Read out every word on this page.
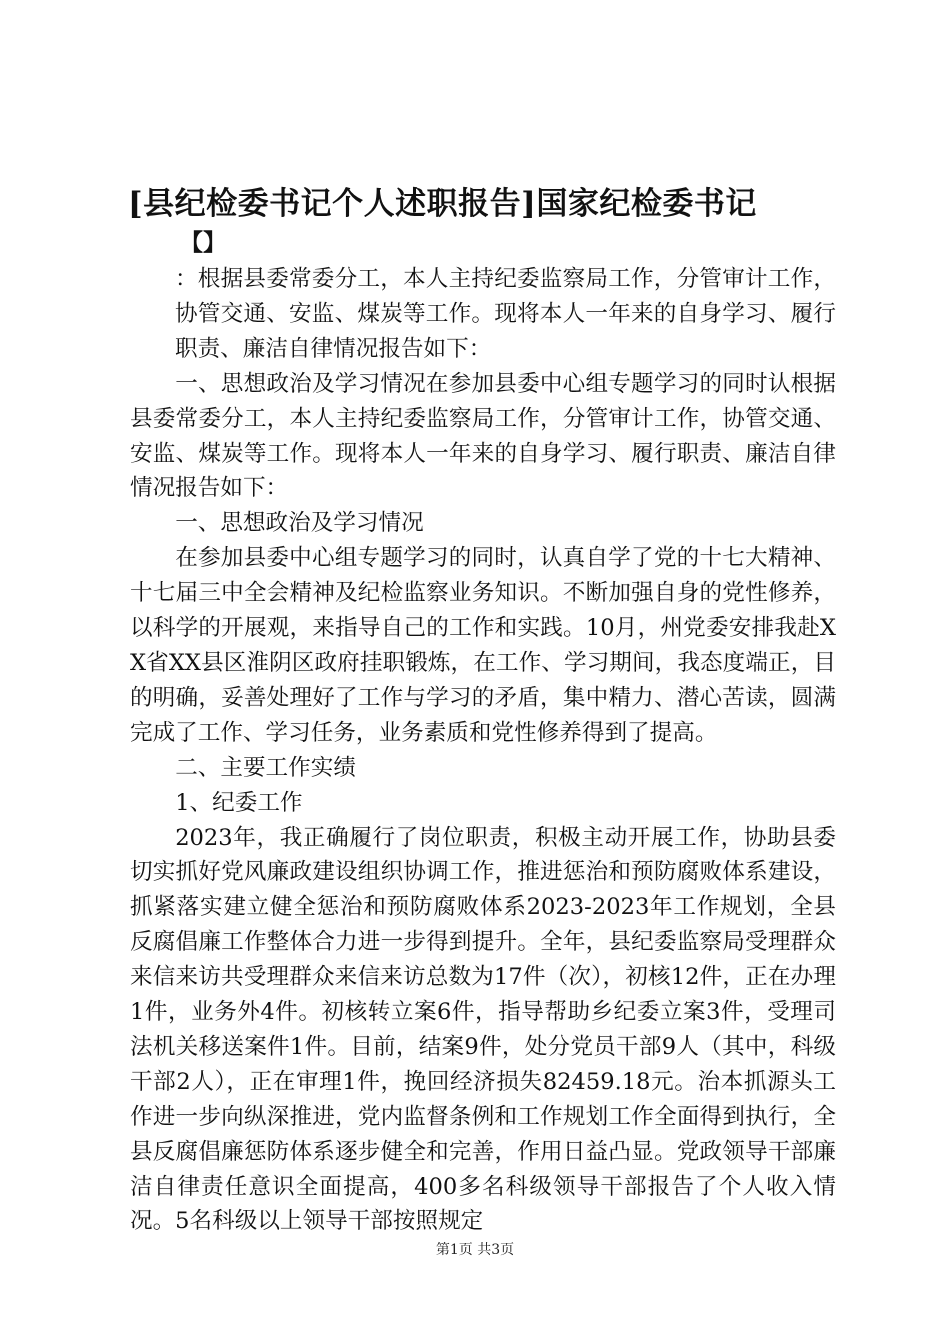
[县纪检委书记个人述职报告]国家纪检委书记

【】

：根据县委常委分工，本人主持纪委监察局工作，分管审计工作，协管交通、安监、煤炭等工作。现将本人一年来的自身学习、履行职责、廉洁自律情况报告如下：

一、思想政治及学习情况在参加县委中心组专题学习的同时认根据县委常委分工，本人主持纪委监察局工作，分管审计工作，协管交通、安监、煤炭等工作。现将本人一年来的自身学习、履行职责、廉洁自律情况报告如下：

一、思想政治及学习情况

在参加县委中心组专题学习的同时，认真自学了党的十七大精神、十七届三中全会精神及纪检监察业务知识。不断加强自身的党性修养，以科学的开展观，来指导自己的工作和实践。10月，州党委安排我赴XX省XX县区淮阴区政府挂职锻炼，在工作、学习期间，我态度端正，目的明确，妥善处理好了工作与学习的矛盾，集中精力、潜心苦读，圆满完成了工作、学习任务，业务素质和党性修养得到了提高。

二、主要工作实绩

1、纪委工作

2023年，我正确履行了岗位职责，积极主动开展工作，协助县委切实抓好党风廉政建设组织协调工作，推进惩治和预防腐败体系建设，抓紧落实建立健全惩治和预防腐败体系2023-2023年工作规划，全县反腐倡廉工作整体合力进一步得到提升。全年，县纪委监察局受理群众来信来访共受理群众来信来访总数为17件（次），初核12件，正在办理1件，业务外4件。初核转立案6件，指导帮助乡纪委立案3件，受理司法机关移送案件1件。目前，结案9件，处分党员干部9人（其中，科级干部2人），正在审理1件，挽回经济损失82459.18元。治本抓源头工作进一步向纵深推进，党内监督条例和工作规划工作全面得到执行，全县反腐倡廉惩防体系逐步健全和完善，作用日益凸显。党政领导干部廉洁自律责任意识全面提高，400多名科级领导干部报告了个人收入情况。5名科级以上领导干部按照规定

第1页 共3页
